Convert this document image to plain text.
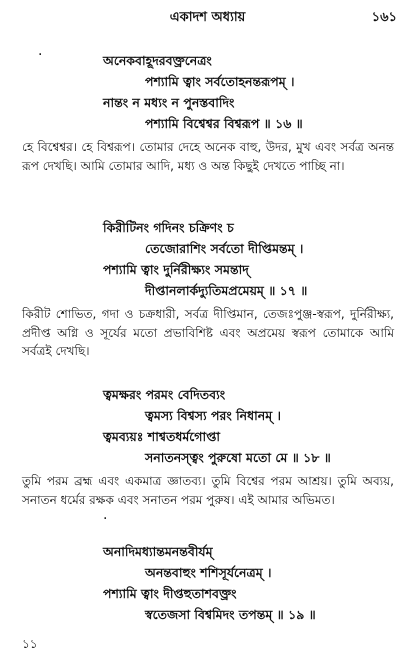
একাদশ অধ্যায়	১৬১
·	অনেকবাহূদরবক্ত্রনেত্রং
পশ্যামি ত্বাং সর্বতোহনন্তরূপম্ ।
নান্তং ন মধ্যং ন পুনস্তবাদিং
পশ্যামি বিশ্বেশ্বর বিশ্বরূপ ॥ ১৬ ॥
হে বিশ্বেশ্বর। হে বিশ্বরূপ। তোমার দেহে অনেক বাহু, উদর, মুখ এবং সর্বত্র অনন্ত রূপ দেখছি। আমি তোমার আদি, মধ্য ও অন্ত কিছুই দেখতে পাচ্ছি না।
কিরীটিনং গদিনং চক্রিণং চ
তেজোরাশিং সর্বতো দীপ্তিমন্তম্ ।
পশ্যামি ত্বাং দুর্নিরীক্ষ্যং সমন্তাদ্
দীপ্তানলার্কদ্যুতিমপ্রমেয়ম্ ॥ ১৭ ॥
কিরীট শোভিত, গদা ও চক্রধারী, সর্বত্র দীপ্তিমান, তেজঃপুঞ্জ-স্বরূপ, দুর্নিরীক্ষ্য, প্রদীপ্ত অগ্নি ও সূর্যের মতো প্রভাবিশিষ্ট এবং অপ্রমেয় স্বরূপ তোমাকে আমি সর্বত্রই দেখছি।
ত্বমক্ষরং পরমং বেদিতব্যং
ত্বমস্য বিশ্বস্য পরং নিধানম্ ।
ত্বমব্যয়ঃ শাশ্বতধর্মগোপ্তা
সনাতনস্ত্বং পুরুষো মতো মে ॥ ১৮ ॥
তুমি পরম ব্রহ্ম এবং একমাত্র জ্ঞাতব্য। তুমি বিশ্বের পরম আশ্রয়। তুমি অব্যয়, সনাতন ধর্মের রক্ষক এবং সনাতন পরম পুরুষ। এই আমার অভিমত।
·
অনাদিমধ্যান্তমনন্তবীর্যম্
অনন্তবাহুং শশিসূর্যনেত্রম্ ।
পশ্যামি ত্বাং দীপ্তহুতাশবক্ত্রং
স্বতেজসা বিশ্বমিদং তপন্তম্ ॥ ১৯ ॥
১১
